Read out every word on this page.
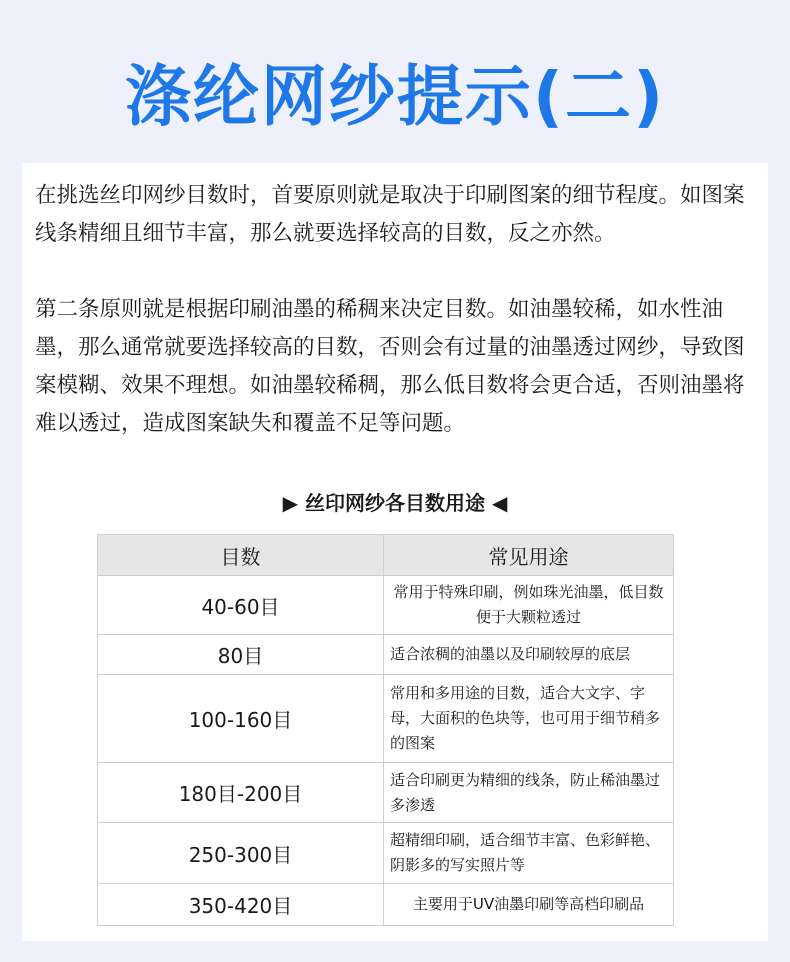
涤纶网纱提示(二)

在挑选丝印网纱目数时，首要原则就是取决于印刷图案的细节程度。如图案线条精细且细节丰富，那么就要选择较高的目数，反之亦然。

第二条原则就是根据印刷油墨的稀稠来决定目数。如油墨较稀，如水性油墨，那么通常就要选择较高的目数，否则会有过量的油墨透过网纱，导致图案模糊、效果不理想。如油墨较稀稠，那么低目数将会更合适，否则油墨将难以透过，造成图案缺失和覆盖不足等问题。

▶ 丝印网纱各目数用途 ◀
目数	常见用途
40-60目	常用于特殊印刷，例如珠光油墨，低目数便于大颗粒透过
80目	适合浓稠的油墨以及印刷较厚的底层
100-160目	常用和多用途的目数，适合大文字、字母，大面积的色块等，也可用于细节稍多的图案
180目-200目	适合印刷更为精细的线条，防止稀油墨过多渗透
250-300目	超精细印刷，适合细节丰富、色彩鲜艳、阴影多的写实照片等
350-420目	主要用于UV油墨印刷等高档印刷品
